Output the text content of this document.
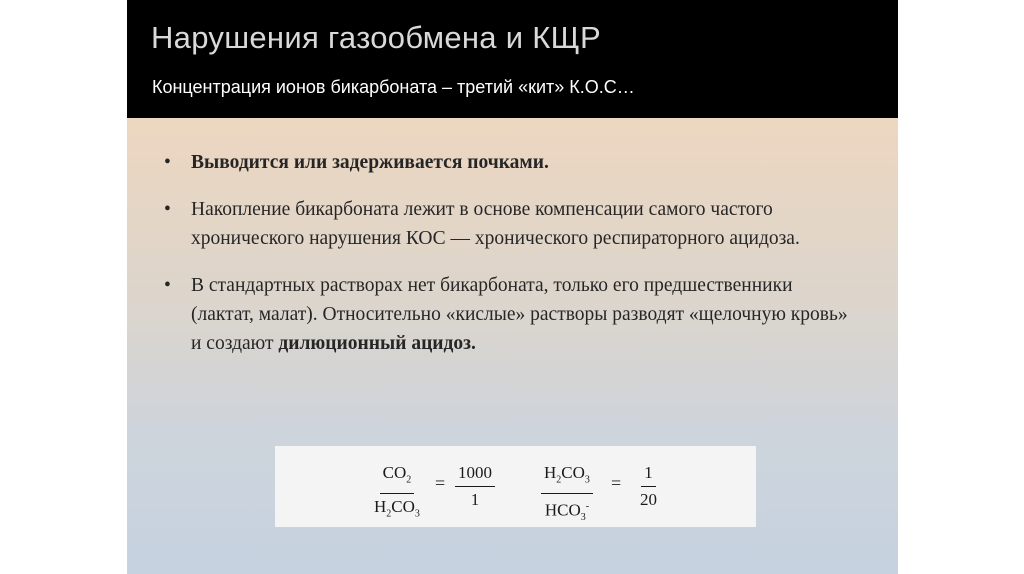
Нарушения газообмена и КЩР
Концентрация ионов бикарбоната – третий «кит» К.О.С…
• Выводится или задерживается почками.
• Накопление бикарбоната лежит в основе компенсации самого частого хронического нарушения КОС — хронического респираторного ацидоза.
• В стандартных растворах нет бикарбоната, только его предшественники (лактат, малат). Относительно «кислые» растворы разводят «щелочную кровь» и создают дилюционный ацидоз.
$\frac{CO_2}{H_2CO_3} = \frac{1000}{1}$	$H_2CO_3$
$HCO_3^-$
= $\frac{1}{20}$
